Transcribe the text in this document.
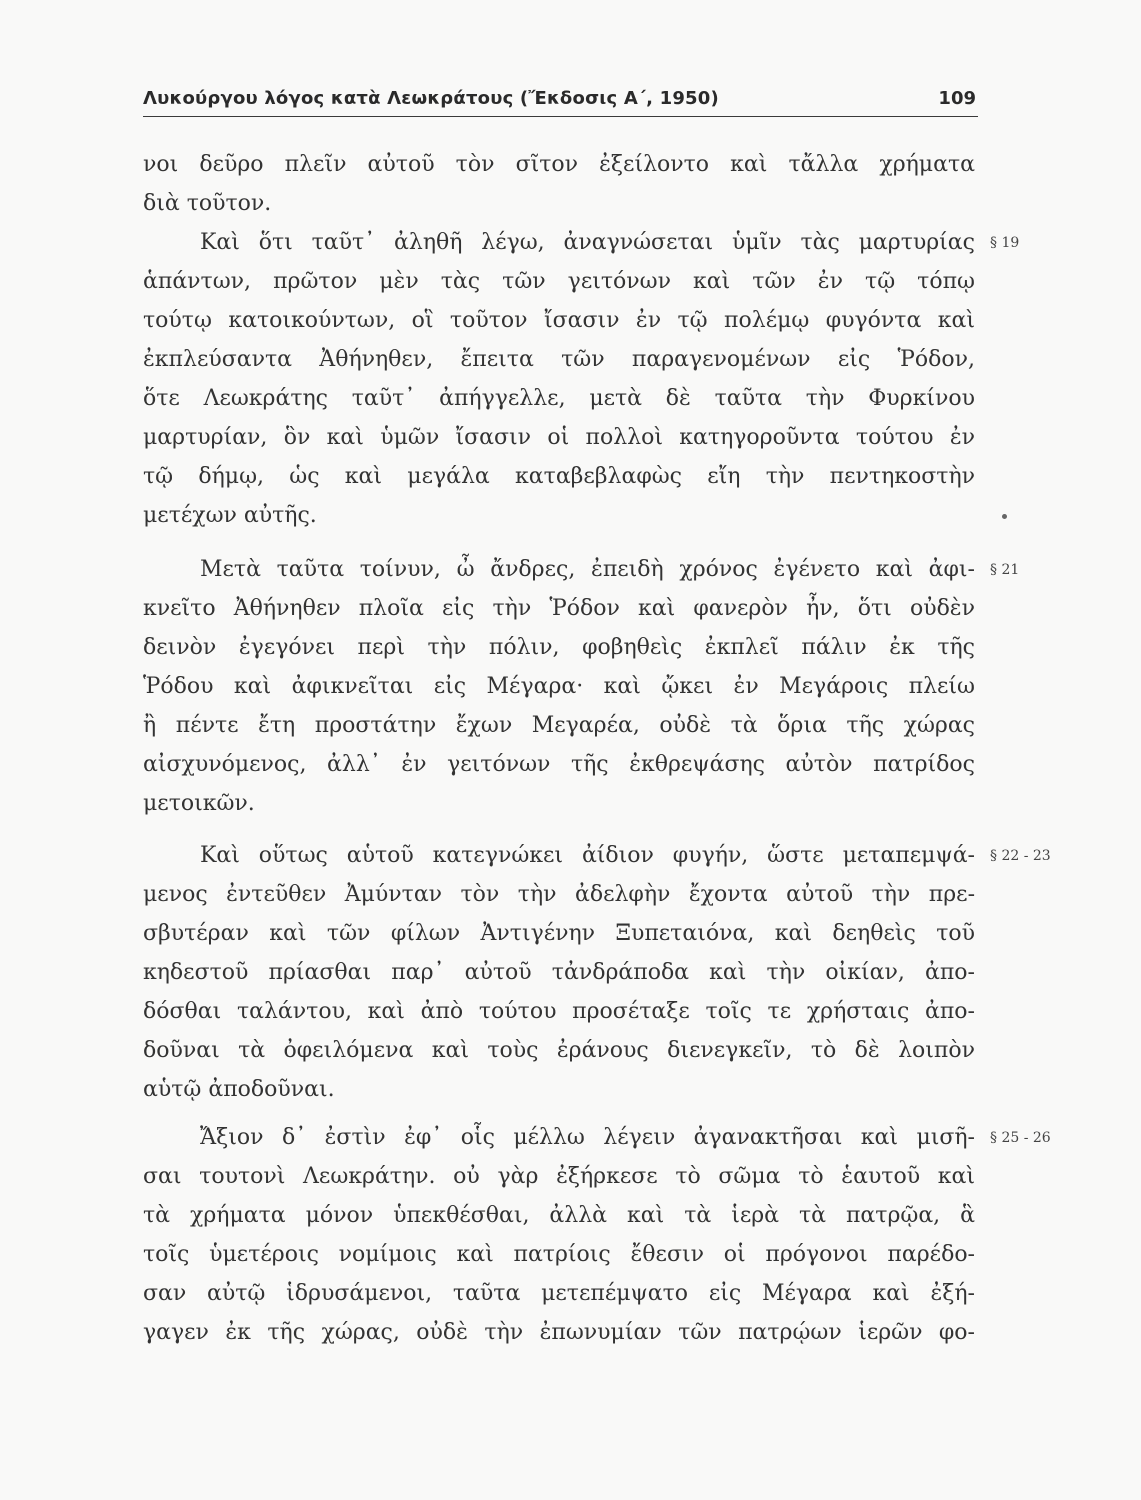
Λυκούργου λόγος κατὰ Λεωκράτους (Ἔκδοσις Α΄, 1950)	109
νοι δεῦρο πλεῖν αὐτοῦ τὸν σῖτον ἐξείλοντο καὶ τἄλλα χρήματα
διὰ τοῦτον.
Καὶ ὅτι ταῦτ᾽ ἀληθῆ λέγω, ἀναγνώσεται ὑμῖν τὰς μαρτυρίας § 19
ἁπάντων, πρῶτον μὲν τὰς τῶν γειτόνων καὶ τῶν ἐν τῷ τόπῳ
τούτῳ κατοικούντων, οἳ τοῦτον ἴσασιν ἐν τῷ πολέμῳ φυγόντα καὶ
ἐκπλεύσαντα Ἀθήνηθεν, ἔπειτα τῶν παραγενομένων εἰς Ῥόδον,
ὅτε Λεωκράτης ταῦτ᾽ ἀπήγγελλε, μετὰ δὲ ταῦτα τὴν Φυρκίνου
μαρτυρίαν, ὃν καὶ ὑμῶν ἴσασιν οἱ πολλοὶ κατηγοροῦντα τούτου ἐν
τῷ δήμῳ, ὡς καὶ μεγάλα καταβεβλαφὼς εἴη τὴν πεντηκοστὴν
μετέχων αὐτῆς.
Μετὰ ταῦτα τοίνυν, ὦ ἄνδρες, ἐπειδὴ χρόνος ἐγένετο καὶ ἀφι- § 21
κνεῖτο Ἀθήνηθεν πλοῖα εἰς τὴν Ῥόδον καὶ φανερὸν ἦν, ὅτι οὐδὲν
δεινὸν ἐγεγόνει περὶ τὴν πόλιν, φοβηθεὶς ἐκπλεῖ πάλιν ἐκ τῆς
Ῥόδου καὶ ἀφικνεῖται εἰς Μέγαρα· καὶ ᾤκει ἐν Μεγάροις πλείω
ἢ πέντε ἔτη προστάτην ἔχων Μεγαρέα, οὐδὲ τὰ ὅρια τῆς χώρας
αἰσχυνόμενος, ἀλλ᾽ ἐν γειτόνων τῆς ἐκθρεψάσης αὐτὸν πατρίδος
μετοικῶν.
Καὶ οὕτως αὑτοῦ κατεγνώκει ἀίδιον φυγήν, ὥστε μεταπεμψά- § 22 - 23
μενος ἐντεῦθεν Ἀμύνταν τὸν τὴν ἀδελφὴν ἔχοντα αὐτοῦ τὴν πρε-
σβυτέραν καὶ τῶν φίλων Ἀντιγένην Ξυπεταιόνα, καὶ δεηθεὶς τοῦ
κηδεστοῦ πρίασθαι παρ᾽ αὐτοῦ τἀνδράποδα καὶ τὴν οἰκίαν, ἀπο-
δόσθαι ταλάντου, καὶ ἀπὸ τούτου προσέταξε τοῖς τε χρήσταις ἀπο-
δοῦναι τὰ ὀφειλόμενα καὶ τοὺς ἐράνους διενεγκεῖν, τὸ δὲ λοιπὸν
αὑτῷ ἀποδοῦναι.
Ἄξιον δ᾽ ἐστὶν ἐφ᾽ οἷς μέλλω λέγειν ἀγανακτῆσαι καὶ μισῆ- § 25 - 26
σαι τουτονὶ Λεωκράτην. οὐ γὰρ ἐξήρκεσε τὸ σῶμα τὸ ἑαυτοῦ καὶ
τὰ χρήματα μόνον ὑπεκθέσθαι, ἀλλὰ καὶ τὰ ἱερὰ τὰ πατρῷα, ἃ
τοῖς ὑμετέροις νομίμοις καὶ πατρίοις ἔθεσιν οἱ πρόγονοι παρέδο-
σαν αὐτῷ ἱδρυσάμενοι, ταῦτα μετεπέμψατο εἰς Μέγαρα καὶ ἐξή-
γαγεν ἐκ τῆς χώρας, οὐδὲ τὴν ἐπωνυμίαν τῶν πατρῴων ἱερῶν φο-
